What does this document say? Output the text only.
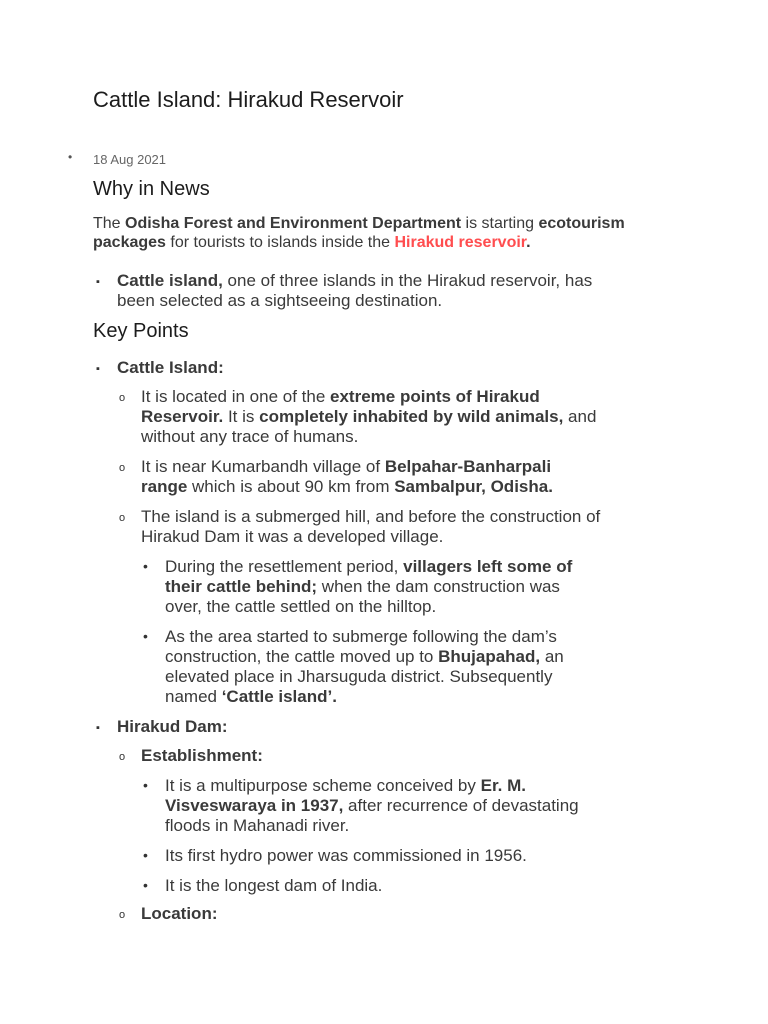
Cattle Island: Hirakud Reservoir
• 18 Aug 2021
Why in News
The Odisha Forest and Environment Department is starting ecotourism
packages for tourists to islands inside the Hirakud reservoir.
▪ Cattle island, one of three islands in the Hirakud reservoir, has
been selected as a sightseeing destination.
Key Points
▪ Cattle Island:
o It is located in one of the extreme points of Hirakud
Reservoir. It is completely inhabited by wild animals, and
without any trace of humans.
o It is near Kumarbandh village of Belpahar-Banharpali
range which is about 90 km from Sambalpur, Odisha.
o The island is a submerged hill, and before the construction of
Hirakud Dam it was a developed village.
• During the resettlement period, villagers left some of
their cattle behind; when the dam construction was
over, the cattle settled on the hilltop.
• As the area started to submerge following the dam’s
construction, the cattle moved up to Bhujapahad, an
elevated place in Jharsuguda district. Subsequently
named ‘Cattle island’.
▪ Hirakud Dam:
o Establishment:
• It is a multipurpose scheme conceived by Er. M.
Visveswaraya in 1937, after recurrence of devastating
floods in Mahanadi river.
• Its first hydro power was commissioned in 1956.
• It is the longest dam of India.
o Location:
